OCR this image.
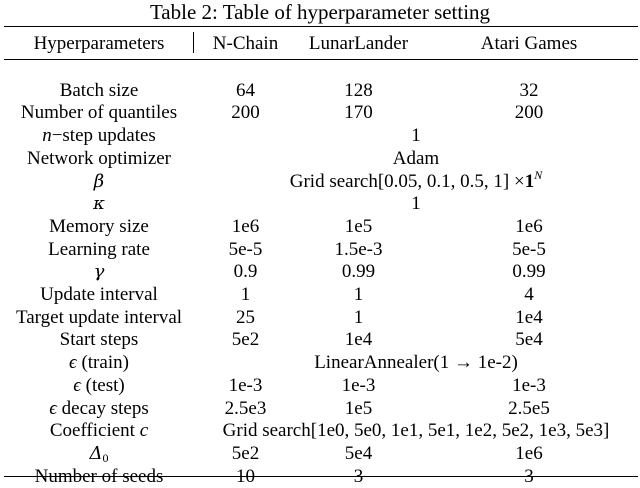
Table 2: Table of hyperparameter setting
Hyperparameters	N-Chain	LunarLander	Atari Games

Batch size	64	128	32
Number of quantiles	200	170	200
n−step updates	1		
Network optimizer	Adam		
β	Grid search[0.05, 0.1, 0.5, $1] \times 1^N$
κ	1		
Memory size	1e6	1e5	1e6
Learning rate	5e-5	1.5e-3	5e-5
γ	0.9	0.99	0.99
Update interval	1	1	4
Target update interval	25	1	1e4
Start steps	5e2	1e4	5e4
ϵ (train)	LinearAnnealer(1 → 1e-2)		
ϵ (test)	1e-3	1e-3	1e-3
ϵ decay steps	2.5e3	1e5	2.5e5
Coefficient c	Grid search[1e0, 5e0, 1e1, 5e1, 1e2, 5e2, 1e3, 5e3]		
$\Delta_0$	5e2	5e4	1e6
Number of seeds	10	3	3
